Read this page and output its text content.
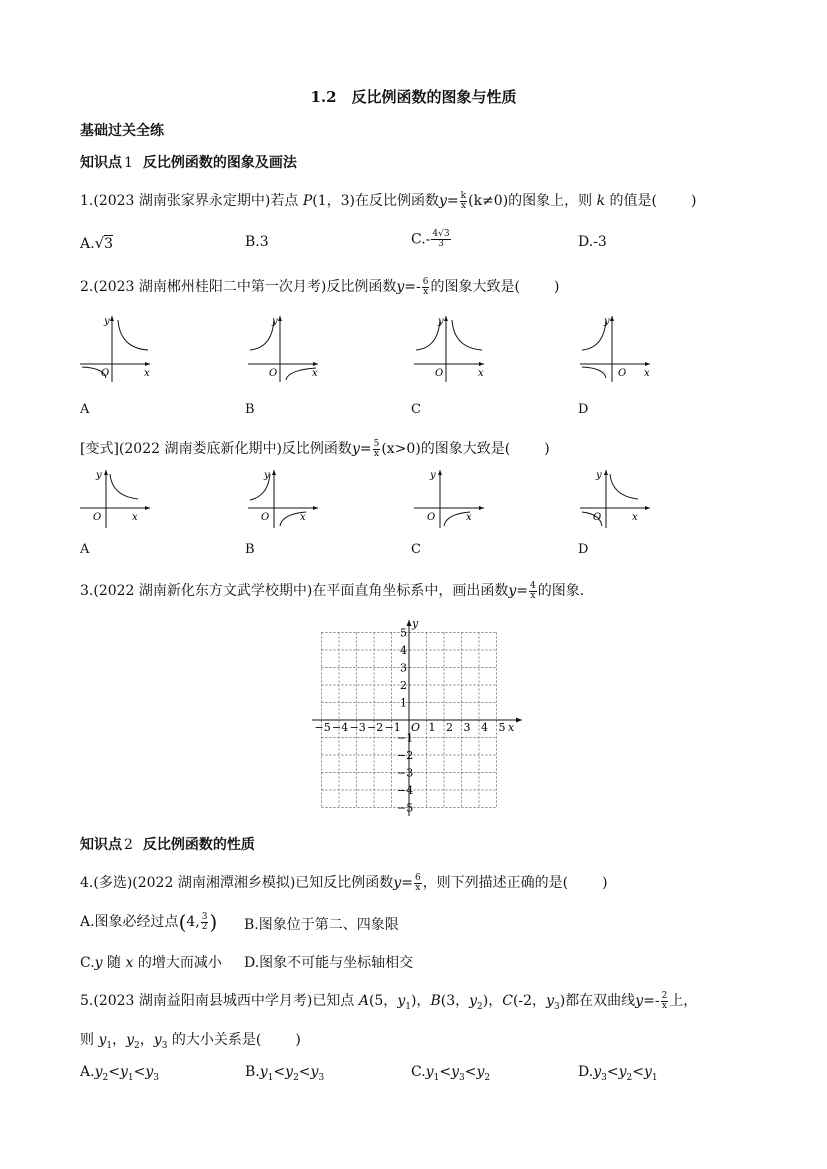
1.2　反比例函数的图象与性质
基础过关全练
知识点 1 反比例函数的图象及画法
1.(2023 湖南张家界永定期中)若点 P(1，3)在反比例函数$y= \frac{k}{x} (k\ne 0)$的图象上，则 k 的值是( )
A.√3	B.3	$C.- \frac{4√3}{3}$	D.-3
2.(2023 湖南郴州桂阳二中第一次月考)反比例函数$y=- \frac{6}{x}$ 的图象大致是( )
y
x
O
y
x
O
y
x
O
y
x
O
A	B	C	D
[变式](2022 湖南娄底新化期中)反比例函数$y= \frac{5}{x} (x>0)$的图象大致是( )
y
x
O
y
x
O
y
x
O
y
x
O
A	B	C	D
3.(2022 湖南新化东方文武学校期中)在平面直角坐标系中，画出函数$y= \frac{4}{x}$ 的图象.
x
y
O
−5 −4 −3 −2 −1	1 2 3 4 5
5
4
3
2
1
−1
−2
−3
−4
−5
知识点 2 反比例函数的性质
4.(多选)(2022 湖南湘潭湘乡模拟)已知反比例函数$y= \frac{6}{x}$ ，则下列描述正确的是( )
A.图象必经过点(4, $\frac{3}{2}$ ) B.图象位于第二、四象限
C.y 随 x 的增大而减小 D.图象不可能与坐标轴相交
5.(2023 湖南益阳南县城西中学月考)已知点 A(5，$y_1$)，B(3，$y_2$)，C(-2，$y_3$)都在双曲线$y=- \frac{2}{x}$ 上，
则 $y_1$，$y_2$，$y_3$ 的大小关系是( )
$A.y_2<y_1<y_3$	$B.y_1<y_2<y_3$	$C.y_1<y_3<y_2$	$D.y_3<y_2<y_1$
